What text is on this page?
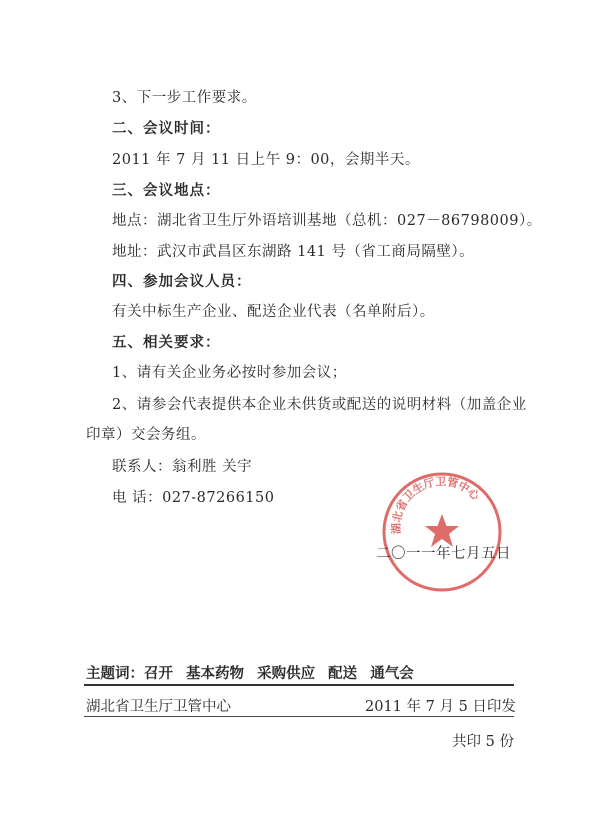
3、下一步工作要求。
二、会议时间：
2011 年 7 月 11 日上午 9：00，会期半天。
三、会议地点：
地点：湖北省卫生厅外语培训基地（总机：027－86798009）。
地址：武汉市武昌区东湖路 141 号（省工商局隔壁）。
四、参加会议人员：
有关中标生产企业、配送企业代表（名单附后）。
五、相关要求：
1、请有关企业务必按时参加会议；
2、请参会代表提供本企业未供货或配送的说明材料（加盖企业
印章）交会务组。
联系人：翁利胜 关宇
电 话：027-87266150
湖北省卫生厅卫管中心
二〇一一年七月五日
主题词：召开 基本药物 采购供应 配送 通气会
湖北省卫生厅卫管中心	2011 年 7 月 5 日印发
共印 5 份
